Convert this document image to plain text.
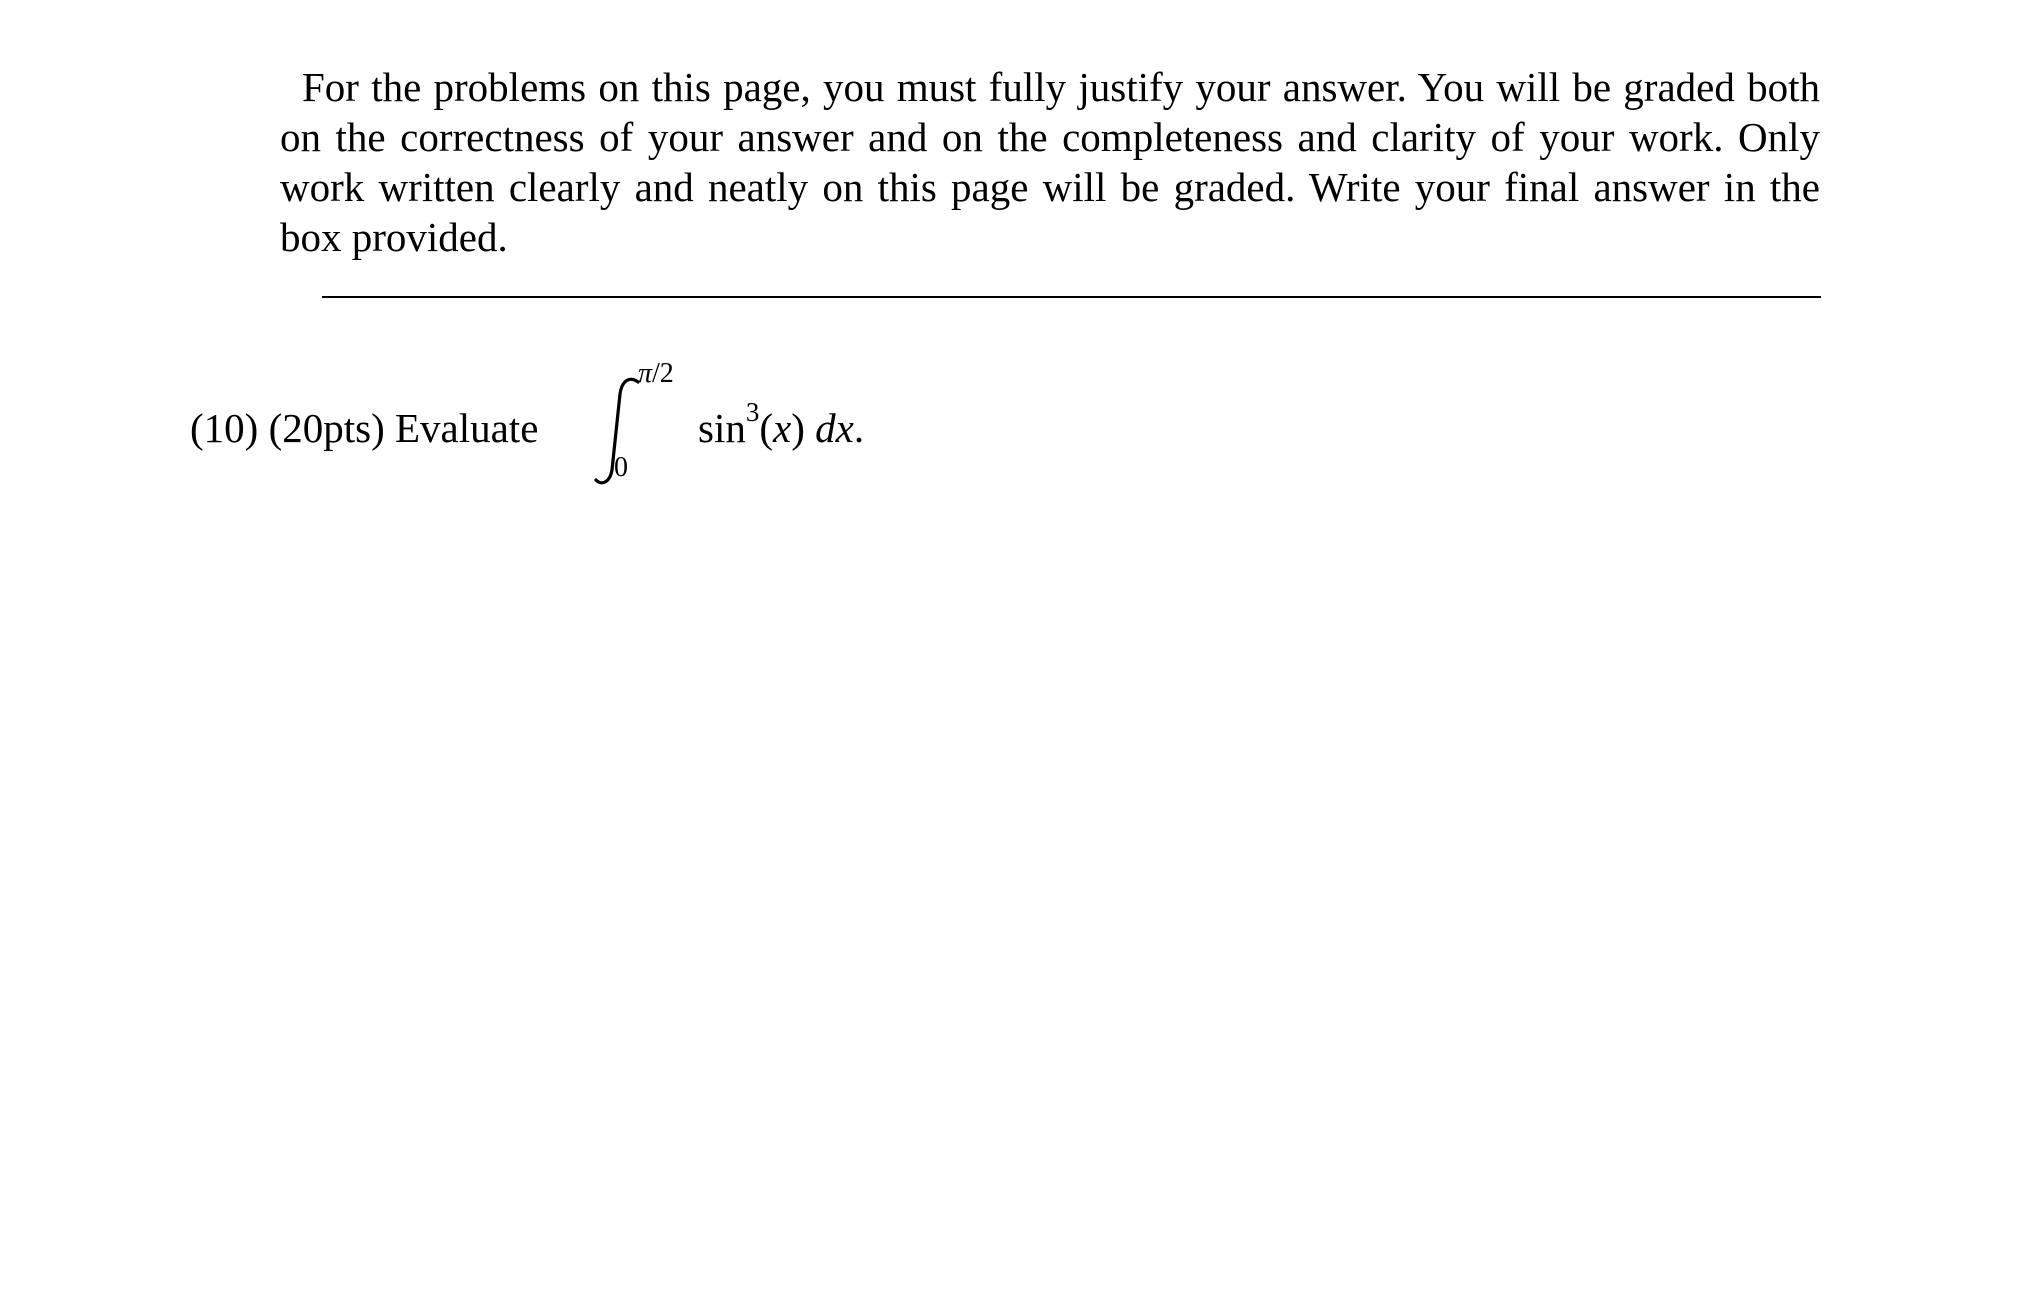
For the problems on this page, you must fully justify your answer. You will be graded both on the correctness of your answer and on the completeness and clarity of your work. Only work written clearly and neatly on this page will be graded. Write your final answer in the box provided.

(10) (20pts) Evaluate
π/2
0
$\sin^3(x)$ dx.
